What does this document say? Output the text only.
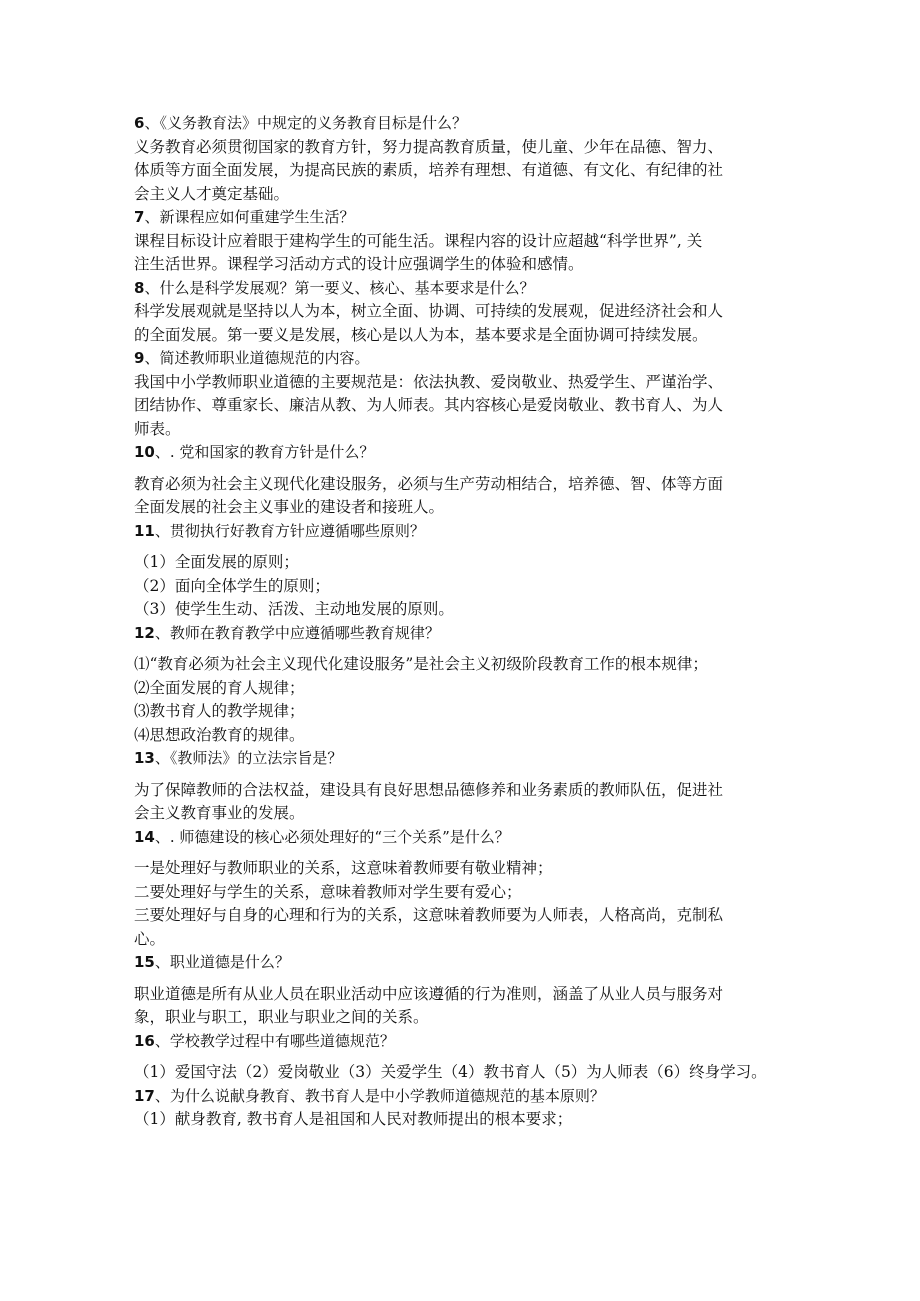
6、《义务教育法》中规定的义务教育目标是什么？
义务教育必须贯彻国家的教育方针，努力提高教育质量，使儿童、少年在品德、智力、
体质等方面全面发展，为提高民族的素质，培养有理想、有道德、有文化、有纪律的社
会主义人才奠定基础。
7、新课程应如何重建学生生活？
课程目标设计应着眼于建构学生的可能生活。课程内容的设计应超越“科学世界”, 关
注生活世界。课程学习活动方式的设计应强调学生的体验和感情。
8、什么是科学发展观？第一要义、核心、基本要求是什么？
科学发展观就是坚持以人为本，树立全面、协调、可持续的发展观，促进经济社会和人
的全面发展。第一要义是发展，核心是以人为本，基本要求是全面协调可持续发展。
9、简述教师职业道德规范的内容。
我国中小学教师职业道德的主要规范是：依法执教、爱岗敬业、热爱学生、严谨治学、
团结协作、尊重家长、廉洁从教、为人师表。其内容核心是爱岗敬业、教书育人、为人
师表。
10、. 党和国家的教育方针是什么？
教育必须为社会主义现代化建设服务，必须与生产劳动相结合，培养德、智、体等方面
全面发展的社会主义事业的建设者和接班人。
11、贯彻执行好教育方针应遵循哪些原则？
（1）全面发展的原则；
（2）面向全体学生的原则；
（3）使学生生动、活泼、主动地发展的原则。
12、教师在教育教学中应遵循哪些教育规律？
⑴“教育必须为社会主义现代化建设服务”是社会主义初级阶段教育工作的根本规律；
⑵全面发展的育人规律；
⑶教书育人的教学规律；
⑷思想政治教育的规律。
13、《教师法》的立法宗旨是？
为了保障教师的合法权益，建设具有良好思想品德修养和业务素质的教师队伍，促进社
会主义教育事业的发展。
14、. 师德建设的核心必须处理好的“三个关系”是什么？
一是处理好与教师职业的关系，这意味着教师要有敬业精神；
二要处理好与学生的关系，意味着教师对学生要有爱心；
三要处理好与自身的心理和行为的关系，这意味着教师要为人师表，人格高尚，克制私
心。
15、职业道德是什么？
职业道德是所有从业人员在职业活动中应该遵循的行为准则，涵盖了从业人员与服务对
象，职业与职工，职业与职业之间的关系。
16、学校教学过程中有哪些道德规范？
（1）爱国守法（2）爱岗敬业（3）关爱学生（4）教书育人（5）为人师表（6）终身学习。
17、为什么说献身教育、教书育人是中小学教师道德规范的基本原则？
（1）献身教育, 教书育人是祖国和人民对教师提出的根本要求；
